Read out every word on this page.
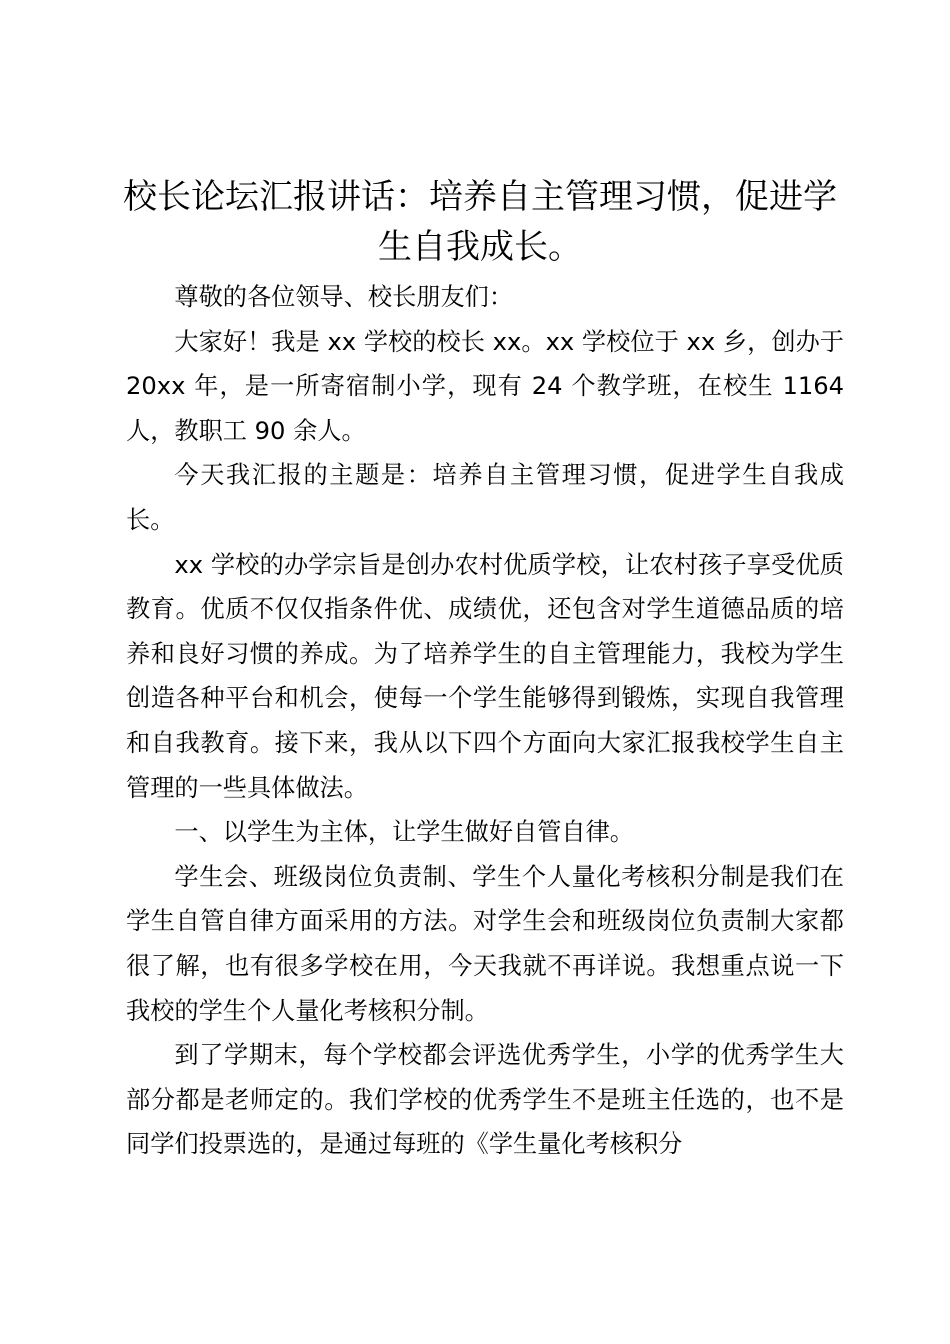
校长论坛汇报讲话：培养自主管理习惯，促进学生自我成长。

尊敬的各位领导、校长朋友们：

大家好！我是 xx 学校的校长 xx。xx 学校位于 xx 乡，创办于 20xx 年，是一所寄宿制小学，现有 24 个教学班，在校生 1164 人，教职工 90 余人。

今天我汇报的主题是：培养自主管理习惯，促进学生自我成长。

xx 学校的办学宗旨是创办农村优质学校，让农村孩子享受优质教育。优质不仅仅指条件优、成绩优，还包含对学生道德品质的培养和良好习惯的养成。为了培养学生的自主管理能力，我校为学生创造各种平台和机会，使每一个学生能够得到锻炼，实现自我管理和自我教育。接下来，我从以下四个方面向大家汇报我校学生自主管理的一些具体做法。

一、以学生为主体，让学生做好自管自律。

学生会、班级岗位负责制、学生个人量化考核积分制是我们在学生自管自律方面采用的方法。对学生会和班级岗位负责制大家都很了解，也有很多学校在用，今天我就不再详说。我想重点说一下我校的学生个人量化考核积分制。

到了学期末，每个学校都会评选优秀学生，小学的优秀学生大部分都是老师定的。我们学校的优秀学生不是班主任选的，也不是同学们投票选的，是通过每班的《学生量化考核积分
